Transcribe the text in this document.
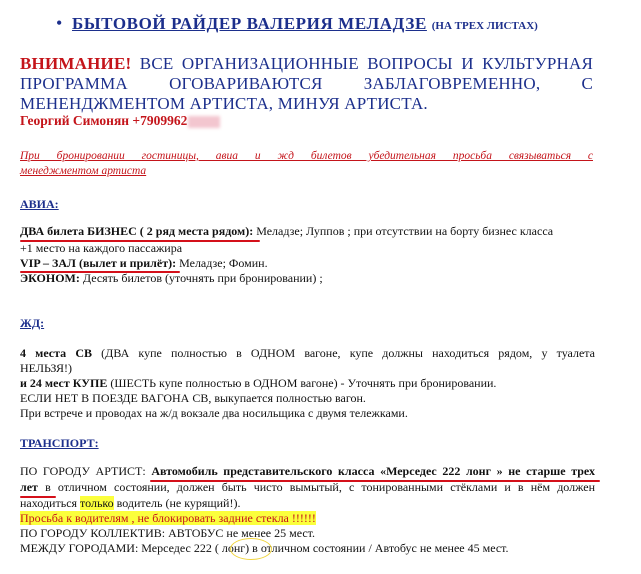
• БЫТОВОЙ РАЙДЕР ВАЛЕРИЯ МЕЛАДЗЕ (НА ТРЕХ ЛИСТАХ)
ВНИМАНИЕ! ВСЕ ОРГАНИЗАЦИОННЫЕ ВОПРОСЫ И КУЛЬТУРНАЯ
ПРОГРАММА ОГОВАРИВАЮТСЯ ЗАБЛАГОВРЕМЕННО, С
МЕНЕНДЖМЕНТОМ АРТИСТА, МИНУЯ АРТИСТА.
Георгий Симонян +7909962
При бронировании гостиницы, авиа и жд билетов убедительная просьба связываться с
менеджментом артиста
АВИА:
ДВА билета БИЗНЕС ( 2 ряд места рядом): Меладзе; Луппов ; при отсутствии на борту бизнес класса
+1 место на каждого пассажира
VIP – ЗАЛ (вылет и прилёт): Меладзе; Фомин.
ЭКОНОМ: Десять билетов (уточнять при бронировании) ;
ЖД:
4 места СВ (ДВА купе полностью в ОДНОМ вагоне, купе должны находиться рядом, у туалета
НЕЛЬЗЯ!)
и 24 мест КУПЕ (ШЕСТЬ купе полностью в ОДНОМ вагоне) - Уточнять при бронировании.
ЕСЛИ НЕТ В ПОЕЗДЕ ВАГОНА СВ, выкупается полностью вагон.
При встрече и проводах на ж/д вокзале два носильщика с двумя тележками.
ТРАНСПОРТ:
ПО ГОРОДУ АРТИСТ: Автомобиль представительского класса «Мерседес 222 лонг » не старше трех
лет в отличном состоянии, должен быть чисто вымытый, с тонированными стёклами и в нём должен
находиться только водитель (не курящий!).
Просьба к водителям , не блокировать задние стекла !!!!!!
ПО ГОРОДУ КОЛЛЕКТИВ: АВТОБУС не менее 25 мест.
МЕЖДУ ГОРОДАМИ: Мерседес 222 ( лонг) в отличном состоянии / Автобус не менее 45 мест.
